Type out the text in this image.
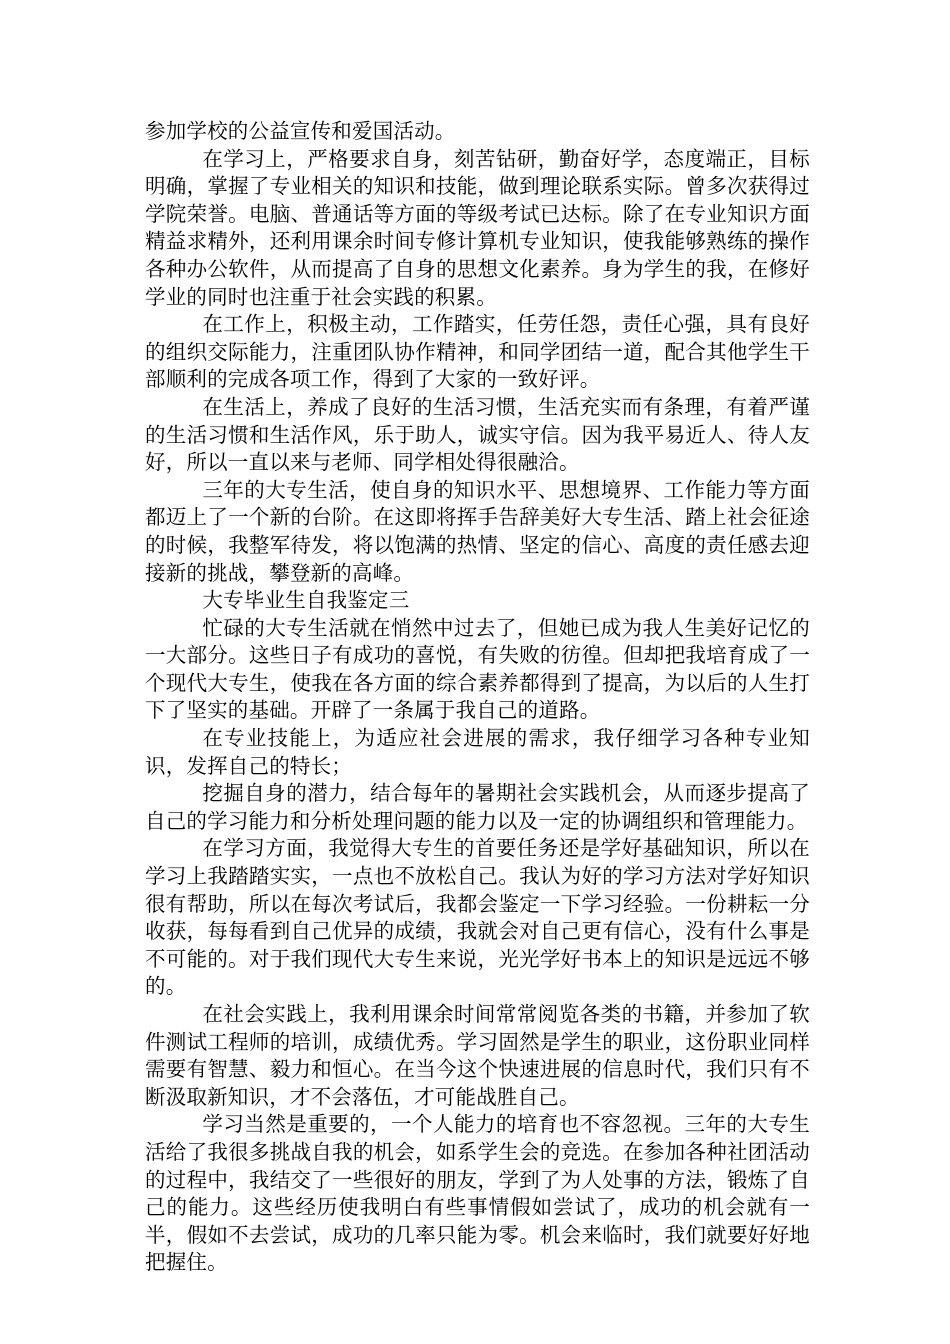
参加学校的公益宣传和爱国活动。

在学习上，严格要求自身，刻苦钻研，勤奋好学，态度端正，目标明确，掌握了专业相关的知识和技能，做到理论联系实际。曾多次获得过学院荣誉。电脑、普通话等方面的等级考试已达标。除了在专业知识方面精益求精外，还利用课余时间专修计算机专业知识，使我能够熟练的操作各种办公软件，从而提高了自身的思想文化素养。身为学生的我，在修好学业的同时也注重于社会实践的积累。

在工作上，积极主动，工作踏实，任劳任怨，责任心强，具有良好的组织交际能力，注重团队协作精神，和同学团结一道，配合其他学生干部顺利的完成各项工作，得到了大家的一致好评。

在生活上，养成了良好的生活习惯，生活充实而有条理，有着严谨的生活习惯和生活作风，乐于助人，诚实守信。因为我平易近人、待人友好，所以一直以来与老师、同学相处得很融洽。

三年的大专生活，使自身的知识水平、思想境界、工作能力等方面都迈上了一个新的台阶。在这即将挥手告辞美好大专生活、踏上社会征途的时候，我整军待发，将以饱满的热情、坚定的信心、高度的责任感去迎接新的挑战，攀登新的高峰。

大专毕业生自我鉴定三

忙碌的大专生活就在悄然中过去了，但她已成为我人生美好记忆的一大部分。这些日子有成功的喜悦，有失败的彷徨。但却把我培育成了一个现代大专生，使我在各方面的综合素养都得到了提高，为以后的人生打下了坚实的基础。开辟了一条属于我自己的道路。

在专业技能上，为适应社会进展的需求，我仔细学习各种专业知识，发挥自己的特长；

挖掘自身的潜力，结合每年的暑期社会实践机会，从而逐步提高了自己的学习能力和分析处理问题的能力以及一定的协调组织和管理能力。

在学习方面，我觉得大专生的首要任务还是学好基础知识，所以在学习上我踏踏实实，一点也不放松自己。我认为好的学习方法对学好知识很有帮助，所以在每次考试后，我都会鉴定一下学习经验。一份耕耘一分收获，每每看到自己优异的成绩，我就会对自己更有信心，没有什么事是不可能的。对于我们现代大专生来说，光光学好书本上的知识是远远不够的。

在社会实践上，我利用课余时间常常阅览各类的书籍，并参加了软件测试工程师的培训，成绩优秀。学习固然是学生的职业，这份职业同样需要有智慧、毅力和恒心。在当今这个快速进展的信息时代，我们只有不断汲取新知识，才不会落伍，才可能战胜自己。

学习当然是重要的，一个人能力的培育也不容忽视。三年的大专生活给了我很多挑战自我的机会，如系学生会的竞选。在参加各种社团活动的过程中，我结交了一些很好的朋友，学到了为人处事的方法，锻炼了自己的能力。这些经历使我明白有些事情假如尝试了，成功的机会就有一半，假如不去尝试，成功的几率只能为零。机会来临时，我们就要好好地把握住。
